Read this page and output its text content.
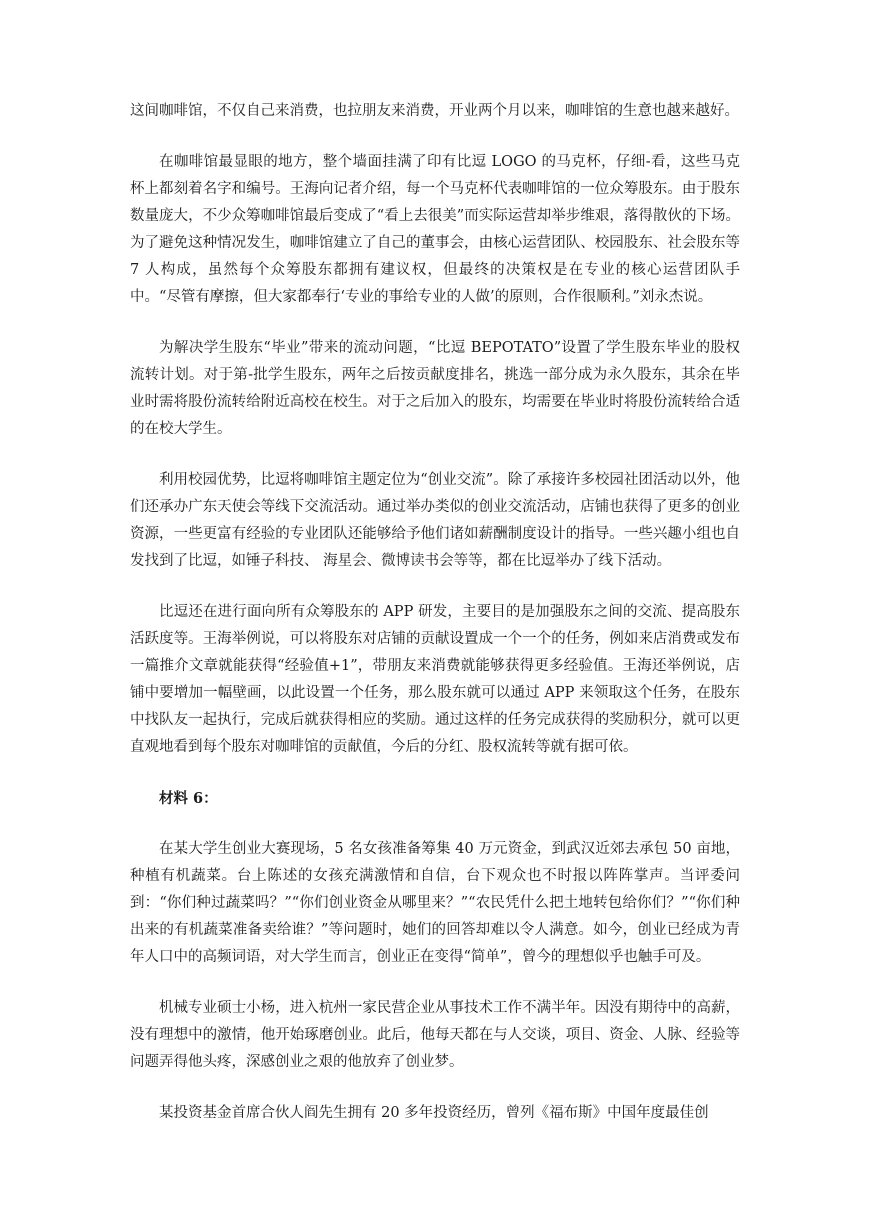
这间咖啡馆，不仅自己来消费，也拉朋友来消费，开业两个月以来，咖啡馆的生意也越来越好。

在咖啡馆最显眼的地方，整个墙面挂满了印有比逗 LOGO 的马克杯，仔细-看，这些马克杯上都刻着名字和编号。王海向记者介绍，每一个马克杯代表咖啡馆的一位众筹股东。由于股东数量庞大，不少众筹咖啡馆最后变成了“看上去很美”而实际运营却举步维艰，落得散伙的下场。为了避免这种情况发生，咖啡馆建立了自己的董事会，由核心运营团队、校园股东、社会股东等 7 人构成，虽然每个众筹股东都拥有建议权，但最终的决策权是在专业的核心运营团队手中。“尽管有摩擦，但大家都奉行‘专业的事给专业的人做’的原则，合作很顺利。”刘永杰说。

为解决学生股东“毕业”带来的流动问题，“比逗 BEPOTATO”设置了学生股东毕业的股权流转计划。对于第-批学生股东，两年之后按贡献度排名，挑选一部分成为永久股东，其余在毕业时需将股份流转给附近高校在校生。对于之后加入的股东，均需要在毕业时将股份流转给合适的在校大学生。

利用校园优势，比逗将咖啡馆主题定位为“创业交流”。除了承接许多校园社团活动以外，他们还承办广东天使会等线下交流活动。通过举办类似的创业交流活动，店铺也获得了更多的创业资源，一些更富有经验的专业团队还能够给予他们诸如薪酬制度设计的指导。一些兴趣小组也自发找到了比逗，如锤子科技、 海星会、微博读书会等等，都在比逗举办了线下活动。

比逗还在进行面向所有众筹股东的 APP 研发，主要目的是加强股东之间的交流、提高股东活跃度等。王海举例说，可以将股东对店铺的贡献设置成一个一个的任务，例如来店消费或发布一篇推介文章就能获得“经验值+1”，带朋友来消费就能够获得更多经验值。王海还举例说，店铺中要增加一幅壁画，以此设置一个任务，那么股东就可以通过 APP 来领取这个任务，在股东中找队友一起执行，完成后就获得相应的奖励。通过这样的任务完成获得的奖励积分，就可以更直观地看到每个股东对咖啡馆的贡献值，今后的分红、股权流转等就有据可依。

材料 6：

在某大学生创业大赛现场，5 名女孩准备筹集 40 万元资金，到武汉近郊去承包 50 亩地，种植有机蔬菜。台上陈述的女孩充满激情和自信，台下观众也不时报以阵阵掌声。当评委问到：“你们种过蔬菜吗？”“你们创业资金从哪里来？”“农民凭什么把土地转包给你们？”“你们种出来的有机蔬菜准备卖给谁？”等问题时，她们的回答却难以令人满意。如今，创业已经成为青年人口中的高频词语，对大学生而言，创业正在变得“简单”，曾今的理想似乎也触手可及。

机械专业硕士小杨，进入杭州一家民营企业从事技术工作不满半年。因没有期待中的高薪，没有理想中的激情，他开始琢磨创业。此后，他每天都在与人交谈，项目、资金、人脉、经验等问题弄得他头疼，深感创业之艰的他放弃了创业梦。

某投资基金首席合伙人阎先生拥有 20 多年投资经历，曾列《福布斯》中国年度最佳创
